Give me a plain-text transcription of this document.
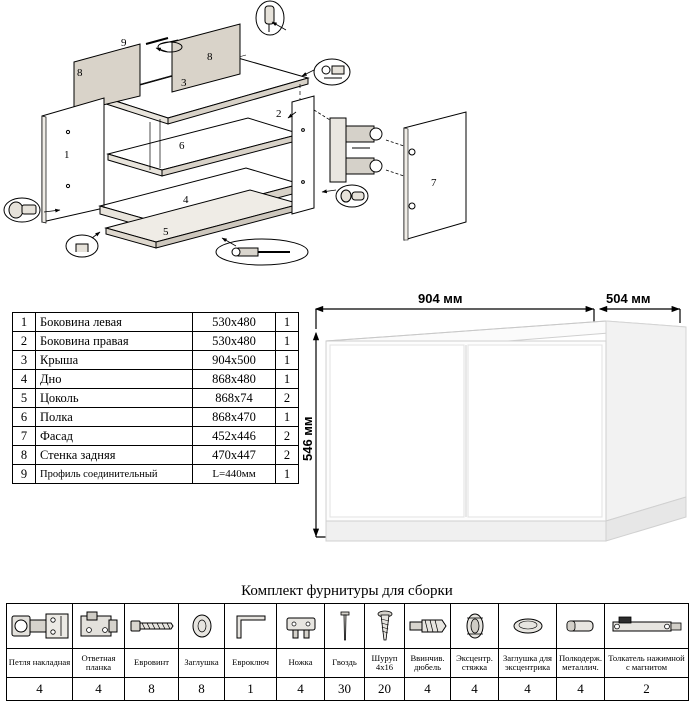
1
2
3
4
5
6
7
8
8
9
1	Боковина левая	530х480	1
2	Боковина правая	530х480	1
3	Крыша	904х500	1
4	Дно	868х480	1
5	Цоколь	868х74	2
6	Полка	868х470	1
7	Фасад	452х446	2
8	Стенка задняя	470х447	2
9	Профиль соединительный	L=440мм	1
904 мм	504 мм
546 мм
Комплект фурнитуры для сборки

Петля накладная	Ответная планка	Евровинт	Заглушка	Евроключ	Ножка	Гвоздь	Шуруп 4х16	Ввинчив. дюбель	Эксцентр. стяжка	Заглушка для эксцентрика	Полкодерж. металлич.	Толкатель нажимной с магнитом
4	4	8	8	1	4	30	20	4	4	4	4	2
